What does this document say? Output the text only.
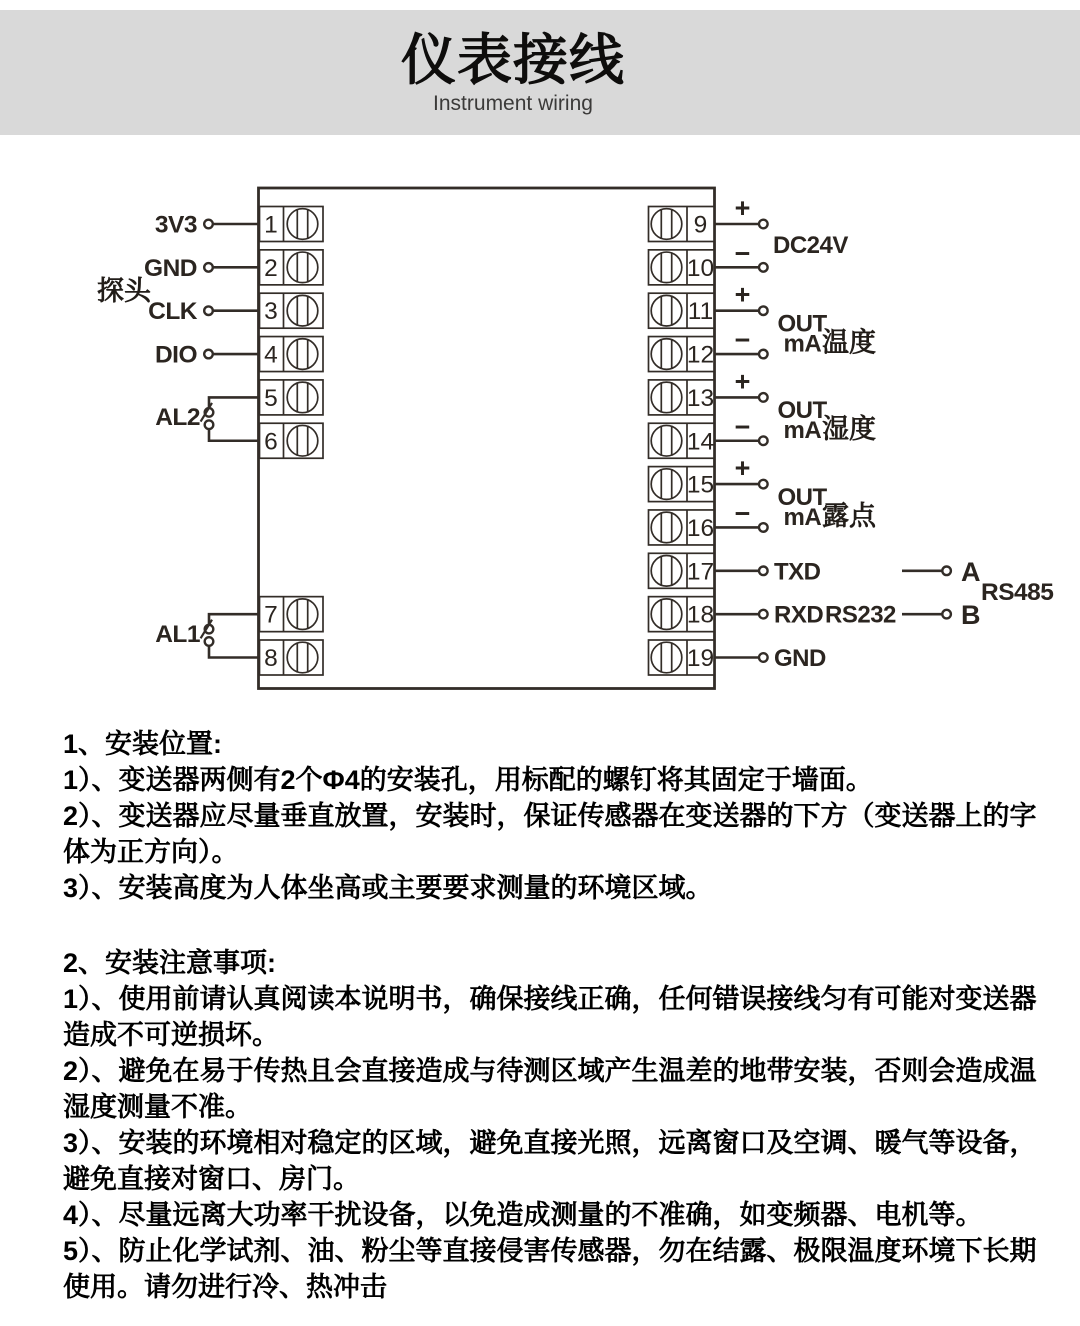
仪表接线
Instrument wiring
1
3V3
2
GND
3
CLK
4
DIO
探头
5
6
AL2
7
8
AL1
9
10
11
12
13
14
15
16
17
18
19
+
− DC24V
+
−
OUT
mA 温度
+
−
OUT
mA 湿度
+
−
OUT
mA 露点
TXD
RXD RS232
GND
A
B
RS485
1、安装位置:
1）、变送器两侧有2个Φ4的安装孔，用标配的螺钉将其固定于墙面。
2）、变送器应尽量垂直放置，安装时，保证传感器在变送器的下方（变送器上的字体为正方向）。
3）、安装高度为人体坐高或主要要求测量的环境区域。
2、安装注意事项:
1）、使用前请认真阅读本说明书，确保接线正确，任何错误接线匀有可能对变送器造成不可逆损坏。
2）、避免在易于传热且会直接造成与待测区域产生温差的地带安装，否则会造成温湿度测量不准。
3）、安装的环境相对稳定的区域，避免直接光照，远离窗口及空调、暖气等设备，避免直接对窗口、房门。
4）、尽量远离大功率干扰设备，以免造成测量的不准确，如变频器、电机等。
5）、防止化学试剂、油、粉尘等直接侵害传感器，勿在结露、极限温度环境下长期使用。请勿进行冷、热冲击
